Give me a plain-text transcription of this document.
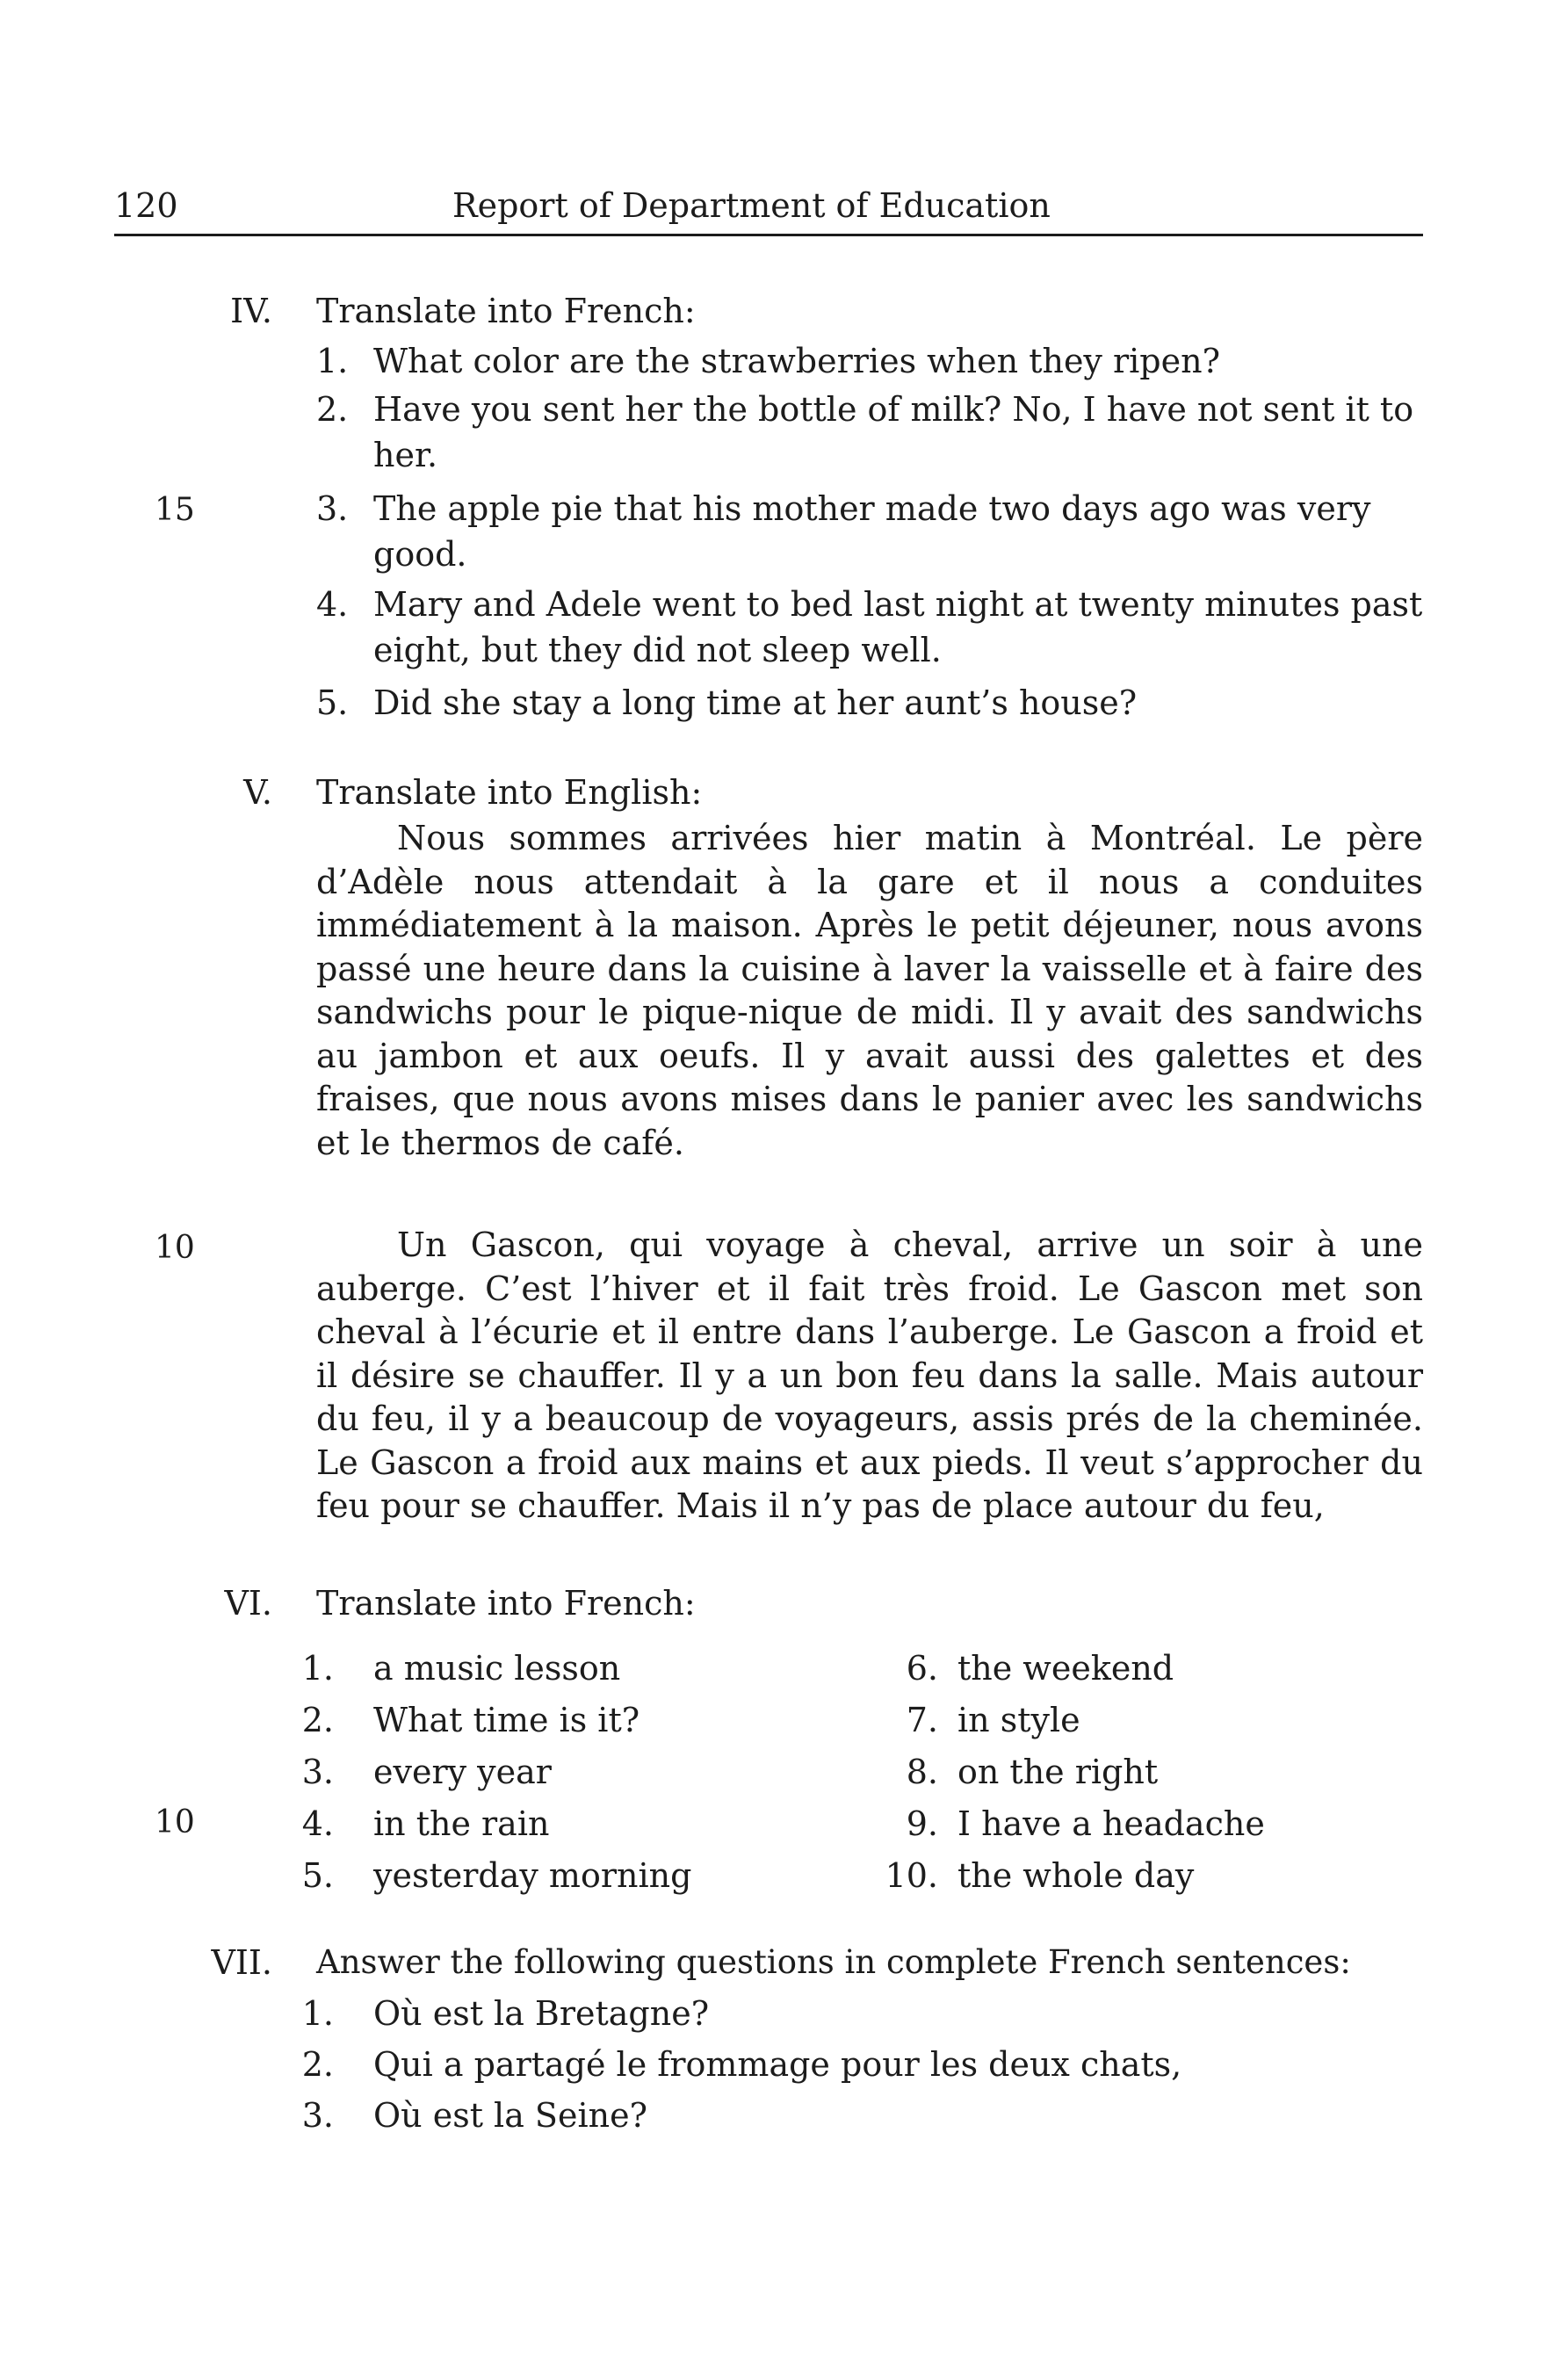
120	Report of Department of Education
IV. Translate into French:
1. What color are the strawberries when they ripen?
2. Have you sent her the bottle of milk? No, I have not sent it to her.
3. The apple pie that his mother made two days ago was very good.
4. Mary and Adele went to bed last night at twenty minutes past eight, but they did not sleep well.
5. Did she stay a long time at her aunt’s house?
15
V. Translate into English:
Nous sommes arrivées hier matin à Montréal. Le père d’Adèle nous attendait à la gare et il nous a conduites immédiatement à la maison. Après le petit déjeuner, nous avons passé une heure dans la cuisine à laver la vaisselle et à faire des sandwichs pour le pique-nique de midi. Il y avait des sandwichs au jambon et aux oeufs. Il y avait aussi des galettes et des fraises, que nous avons mises dans le panier avec les sandwichs et le thermos de café.
Un Gascon, qui voyage à cheval, arrive un soir à une auberge. C’est l’hiver et il fait très froid. Le Gascon met son cheval à l’écurie et il entre dans l’auberge. Le Gascon a froid et il désire se chauffer. Il y a un bon feu dans la salle. Mais autour du feu, il y a beaucoup de voyageurs, assis prés de la cheminée. Le Gascon a froid aux mains et aux pieds. Il veut s’approcher du feu pour se chauffer. Mais il n’y pas de place autour du feu,
10
VI. Translate into French:
1. a music lesson
2. What time is it?
3. every year
4. in the rain
5. yesterday morning
6. the weekend
7. in style
8. on the right
9. I have a headache
10. the whole day
10
VII. Answer the following questions in complete French sentences:
1. Où est la Bretagne?
2. Qui a partagé le frommage pour les deux chats,
3. Où est la Seine?
